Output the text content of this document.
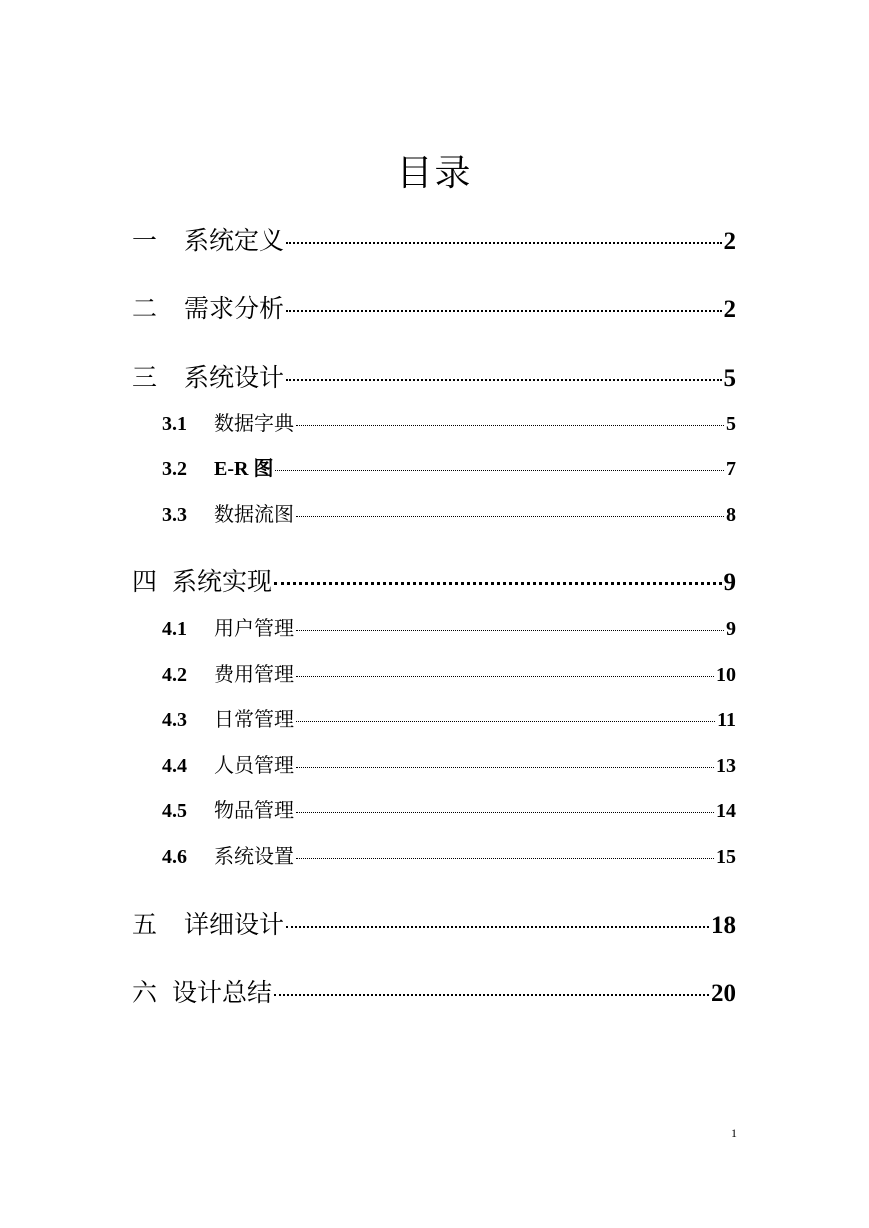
目录
一	系统定义	2
二	需求分析	2
三	系统设计	5
3.1	数据字典	5
3.2	E-R 图	7
3.3	数据流图	8
四 系统实现	9
4.1	用户管理	9
4.2	费用管理	10
4.3	日常管理	11
4.4	人员管理	13
4.5	物品管理	14
4.6	系统设置	15
五	详细设计	18
六 设计总结	20
1
